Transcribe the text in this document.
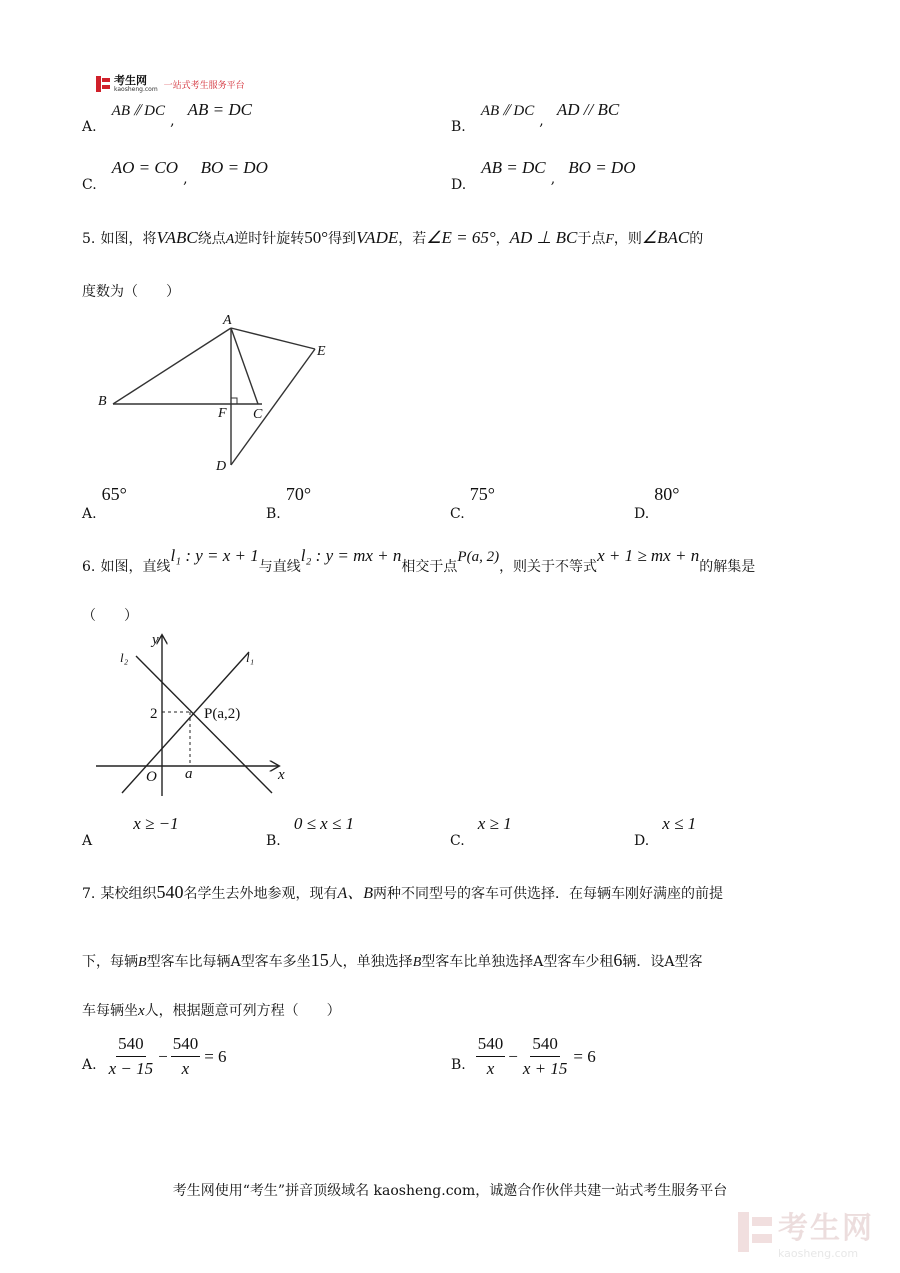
考生网
kaosheng.com 一站式考生服务平台
A. AB ⫽ DC , AB = DC
B. AB ⫽ DC , AD // BC
C. AO = CO , BO = DO
D. AB = DC , BO = DO
5. 如图，将VABC绕点A逆时针旋转50°得到VADE，若∠E = 65°，AD ⊥ BC于点F，则∠BAC的
度数为（　　）
A
B
C
D
E
F
A. 65°
B. 70°
C. 75°
D. 80°
6. 如图，直线l₁ : y = x + 1与直线l₂ : y = mx + n相交于点P(a, 2)，则关于不等式x + 1 ≥ mx + n的解集是
（　　）
y
x
O a
2	P(a,2)
l₁
l₂
A x ≥ −1
B. 0 ≤ x ≤ 1
C. x ≥ 1
D. x ≤ 1
7. 某校组织540名学生去外地参观，现有A、B两种不同型号的客车可供选择．在每辆车刚好满座的前提
下，每辆B型客车比每辆A型客车多坐15人，单独选择B型客车比单独选择A型客车少租6辆．设A型客
车每辆坐x人，根据题意可列方程（　　）
A. $\frac{540}{x - 15} - \frac{540}{x} = 6$	B. $\frac{540}{x} - \frac{540}{x + 15} = 6$
考生网使用“考生”拼音顶级域名 kaosheng.com，诚邀合作伙伴共建一站式考生服务平台
考生网
kaosheng.com
